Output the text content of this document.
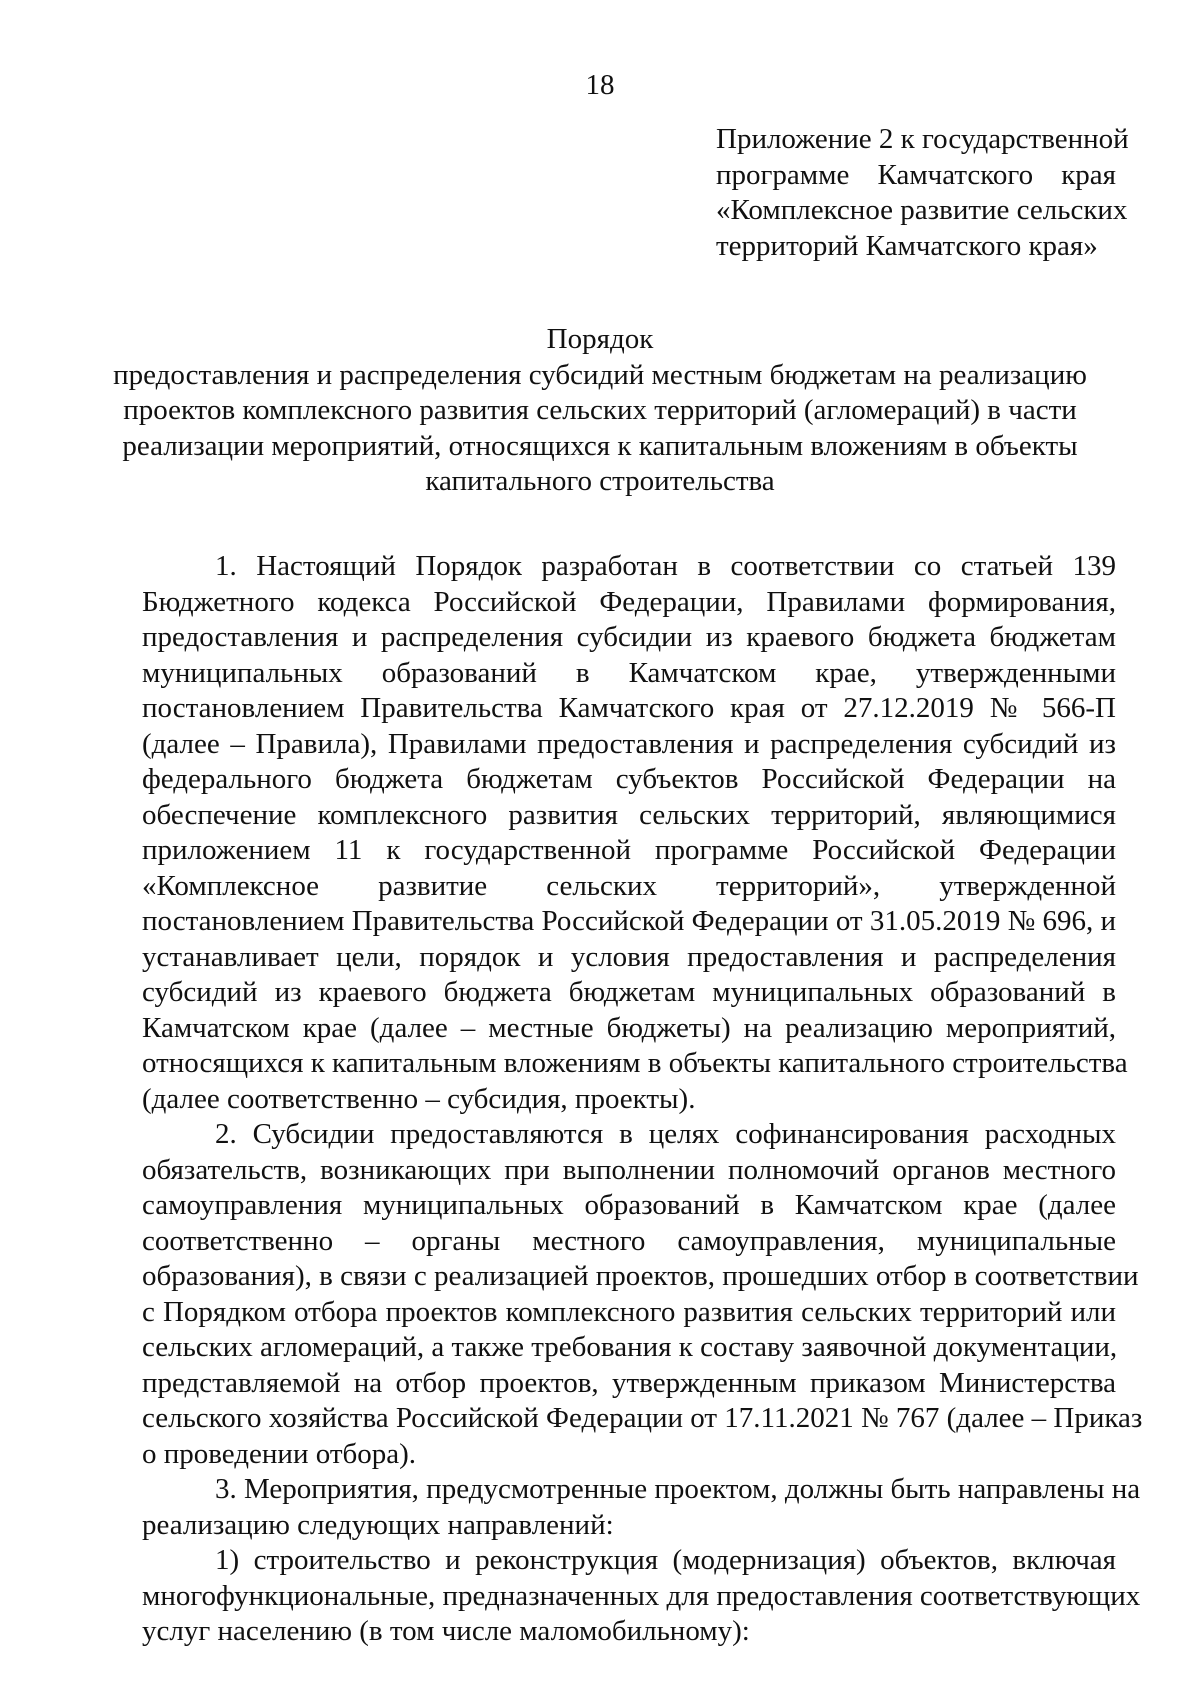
18

Приложение 2 к государственной
программе Камчатского края
«Комплексное развитие сельских
территорий Камчатского края»
Порядок
предоставления и распределения субсидий местным бюджетам на реализацию
проектов комплексного развития сельских территорий (агломераций) в части
реализации мероприятий, относящихся к капитальным вложениям в объекты
капитального строительства
1. Настоящий Порядок разработан в соответствии со статьей 139
Бюджетного кодекса Российской Федерации, Правилами формирования,
предоставления и распределения субсидии из краевого бюджета бюджетам
муниципальных образований в Камчатском крае, утвержденными
постановлением Правительства Камчатского края от 27.12.2019 № 566-П
(далее – Правила), Правилами предоставления и распределения субсидий из
федерального бюджета бюджетам субъектов Российской Федерации на
обеспечение комплексного развития сельских территорий, являющимися
приложением 11 к государственной программе Российской Федерации
«Комплексное развитие сельских территорий», утвержденной
постановлением Правительства Российской Федерации от 31.05.2019 № 696, и
устанавливает цели, порядок и условия предоставления и распределения
субсидий из краевого бюджета бюджетам муниципальных образований в
Камчатском крае (далее – местные бюджеты) на реализацию мероприятий,
относящихся к капитальным вложениям в объекты капитального строительства
(далее соответственно – субсидия, проекты).
2. Субсидии предоставляются в целях софинансирования расходных
обязательств, возникающих при выполнении полномочий органов местного
самоуправления муниципальных образований в Камчатском крае (далее
соответственно – органы местного самоуправления, муниципальные
образования), в связи с реализацией проектов, прошедших отбор в соответствии
с Порядком отбора проектов комплексного развития сельских территорий или
сельских агломераций, а также требования к составу заявочной документации,
представляемой на отбор проектов, утвержденным приказом Министерства
сельского хозяйства Российской Федерации от 17.11.2021 № 767 (далее – Приказ
о проведении отбора).
3. Мероприятия, предусмотренные проектом, должны быть направлены на
реализацию следующих направлений:
1) строительство и реконструкция (модернизация) объектов, включая
многофункциональные, предназначенных для предоставления соответствующих
услуг населению (в том числе маломобильному):
